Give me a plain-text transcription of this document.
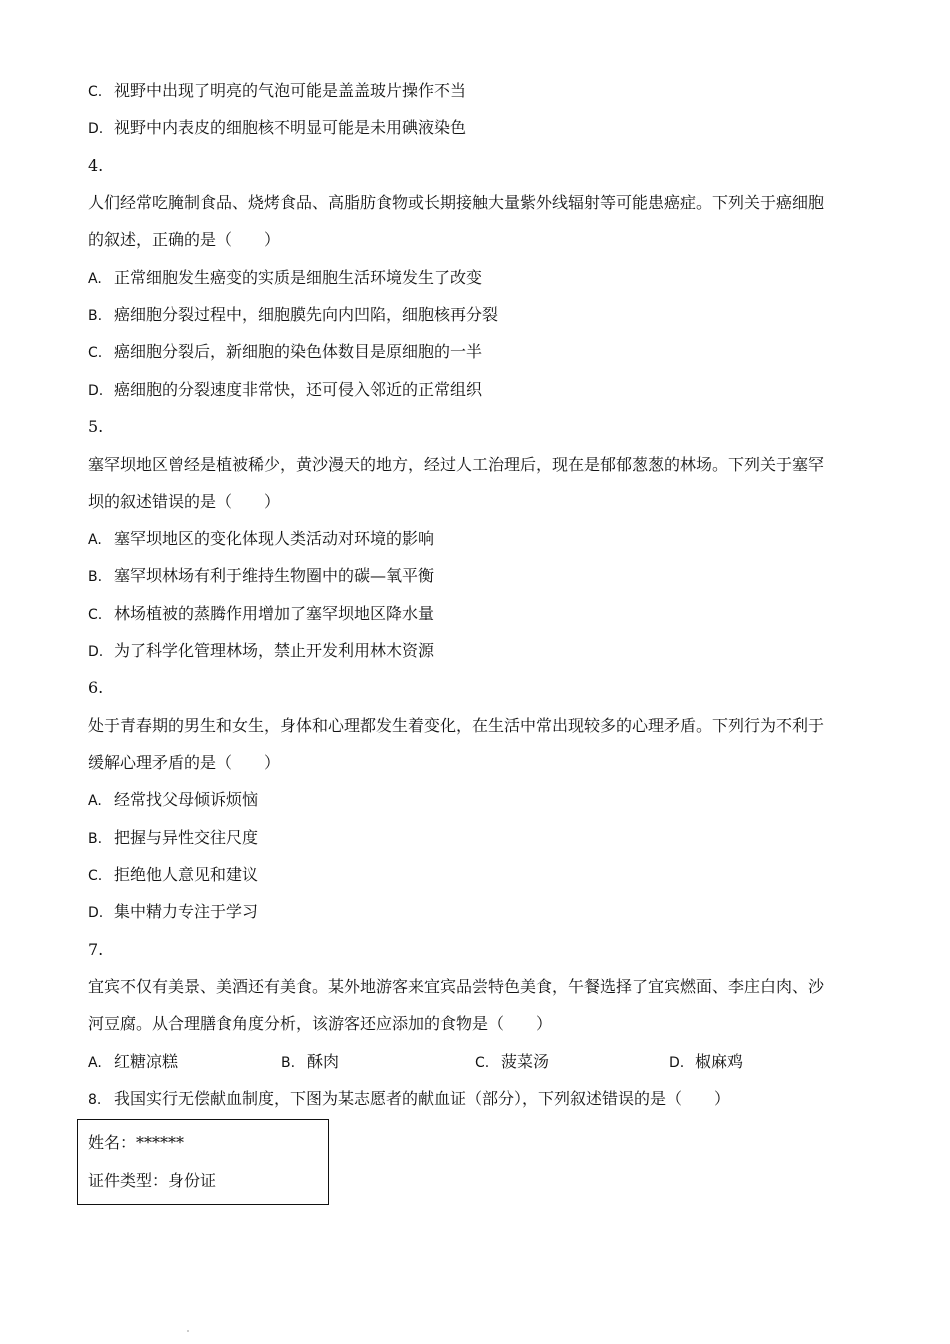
C. 视野中出现了明亮的气泡可能是盖盖玻片操作不当
D. 视野中内表皮的细胞核不明显可能是未用碘液染色
4.
人们经常吃腌制食品、烧烤食品、高脂肪食物或长期接触大量紫外线辐射等可能患癌症。下列关于癌细胞
的叙述，正确的是（　　）
A. 正常细胞发生癌变的实质是细胞生活环境发生了改变
B. 癌细胞分裂过程中，细胞膜先向内凹陷，细胞核再分裂
C. 癌细胞分裂后，新细胞的染色体数目是原细胞的一半
D. 癌细胞的分裂速度非常快，还可侵入邻近的正常组织
5.
塞罕坝地区曾经是植被稀少，黄沙漫天的地方，经过人工治理后，现在是郁郁葱葱的林场。下列关于塞罕
坝的叙述错误的是（　　）
A. 塞罕坝地区的变化体现人类活动对环境的影响
B. 塞罕坝林场有利于维持生物圈中的碳—氧平衡
C. 林场植被的蒸腾作用增加了塞罕坝地区降水量
D. 为了科学化管理林场，禁止开发利用林木资源
6.
处于青春期的男生和女生，身体和心理都发生着变化，在生活中常出现较多的心理矛盾。下列行为不利于
缓解心理矛盾的是（　　）
A. 经常找父母倾诉烦恼
B. 把握与异性交往尺度
C. 拒绝他人意见和建议
D. 集中精力专注于学习
7.
宜宾不仅有美景、美酒还有美食。某外地游客来宜宾品尝特色美食，午餐选择了宜宾燃面、李庄白肉、沙
河豆腐。从合理膳食角度分析，该游客还应添加的食物是（　　）
A. 红糖凉糕	B. 酥肉	C. 菠菜汤	D. 椒麻鸡
8. 我国实行无偿献血制度，下图为某志愿者的献血证（部分），下列叙述错误的是（　　）
姓名：******
证件类型：身份证
